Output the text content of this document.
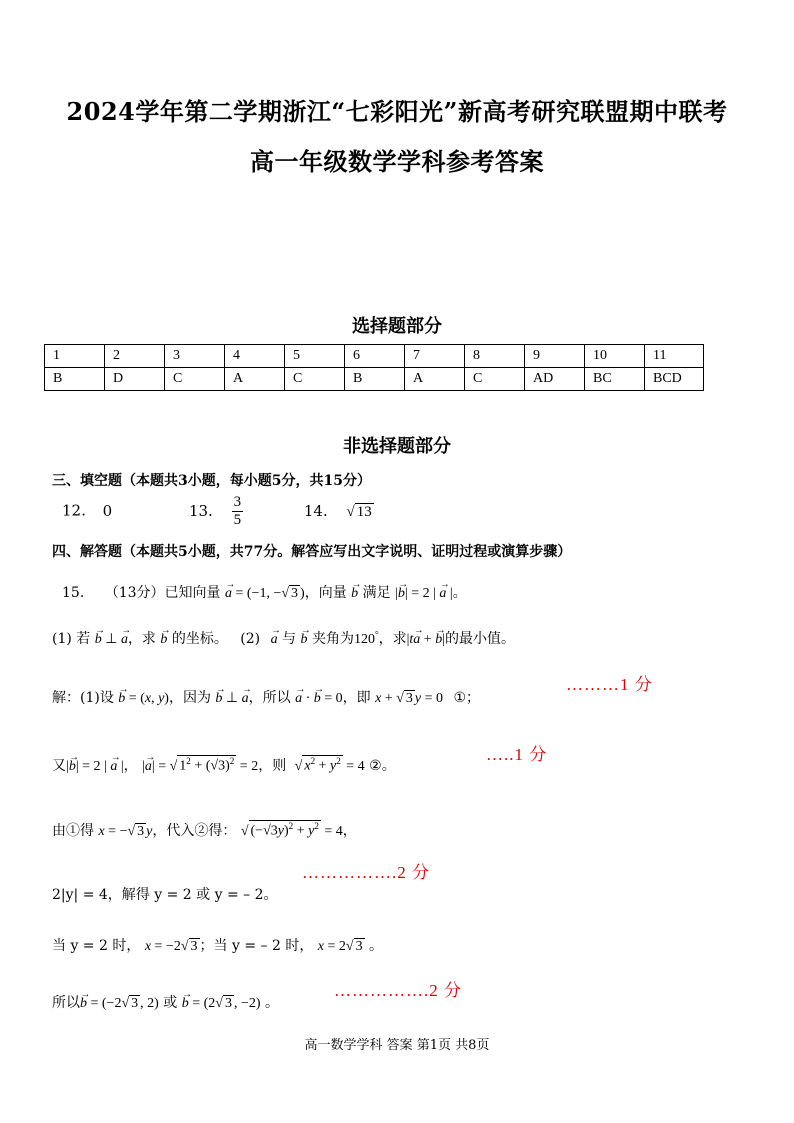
2024学年第二学期浙江“七彩阳光”新高考研究联盟期中联考
高一年级数学学科参考答案
选择题部分
1	2	3	4	5	6	7	8	9	10	11
B	D	C	A	C	B	A	C	AD	BC	BCD
非选择题部分
三、填空题（本题共3小题，每小题5分，共15分）
12. 0	13. $\frac{3}{5}$	14. √ 13
四、解答题（本题共5小题，共77分。解答应写出文字说明、证明过程或演算步骤）
15. （13分）已知向量 → a = (−1, −√ 3 )，向量 → b 满足 |→ b| = 2 | → a |。
(1) 若 → b ⊥ → a，求 → b 的坐标。 (2) → a 与 → b 夹角为120°，求|t→ a + → b|的最小值。
解：(1)设 → b = (x, y)，因为 → b ⊥ → a，所以 → a · → b = 0，即 x + √ 3 y = 0 ①；
………1 分
又|→ b| = 2 | → a |， |→ a| = √ $1^2 + (√3)^2 = 2$，则 √ $x^2 + y^2 = 4$ ②。
…..1 分
由①得 x = −√ 3 y，代入②得： √ $(-√3y)^2 + y^2 = 4$，
…………….2 分
2|y| = 4，解得 y = 2 或 y = – 2。
当 y = 2 时， x = −2√ 3 ；当 y = – 2 时， x = 2√ 3 。
所以→ b = (−2√ 3 , 2) 或 → b = (2√ 3 , −2) 。
…………….2 分
高一数学学科 答案 第1页 共8页
